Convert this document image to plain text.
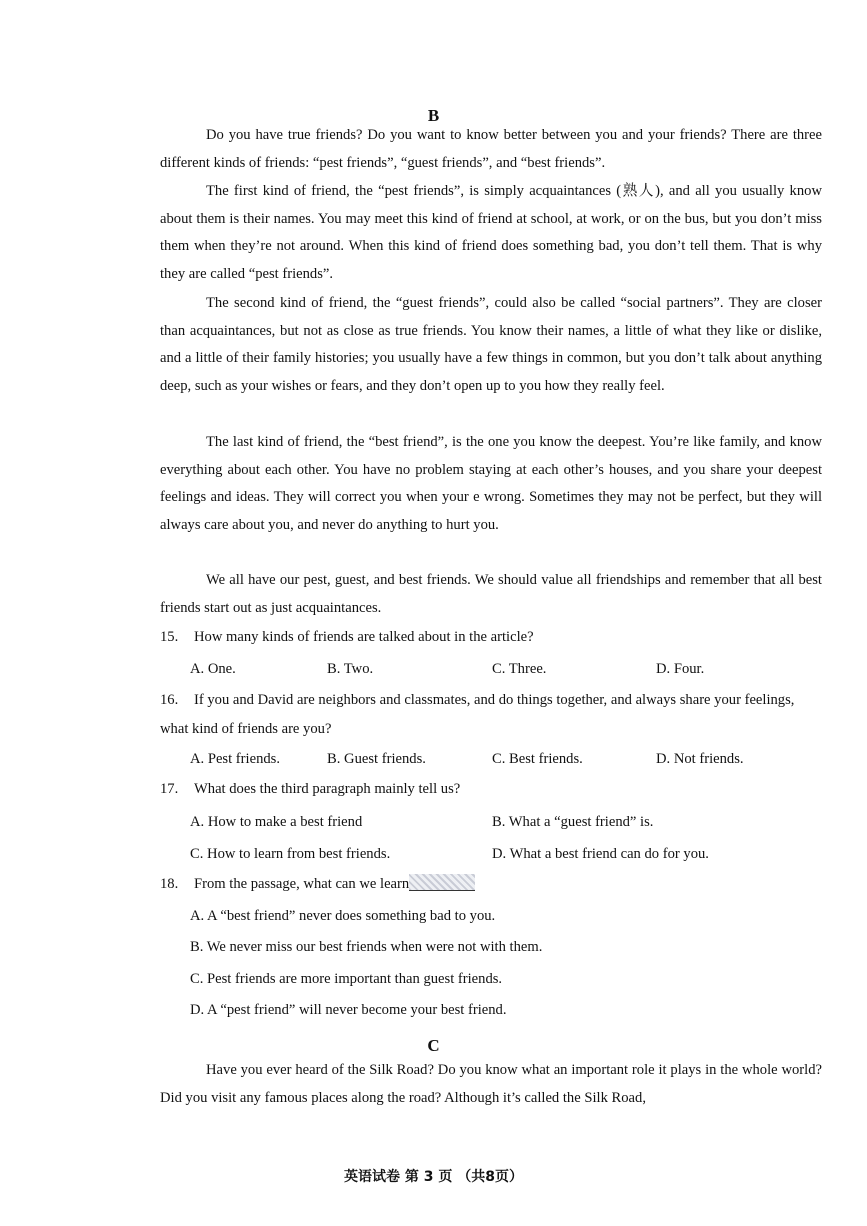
B

Do you have true friends? Do you want to know better between you and your friends? There are three different kinds of friends: “pest friends”, “guest friends”, and “best friends”.

The first kind of friend, the “pest friends”, is simply acquaintances (熟人), and all you usually know about them is their names. You may meet this kind of friend at school, at work, or on the bus, but you don’t miss them when they’re not around. When this kind of friend does something bad, you don’t tell them. That is why they are called “pest friends”.

The second kind of friend, the “guest friends”, could also be called “social partners”. They are closer than acquaintances, but not as close as true friends. You know their names, a little of what they like or dislike, and a little of their family histories; you usually have a few things in common, but you don’t talk about anything deep, such as your wishes or fears, and they don’t open up to you how they really feel.

The last kind of friend, the “best friend”, is the one you know the deepest. You’re like family, and know everything about each other. You have no problem staying at each other’s houses, and you share your deepest feelings and ideas. They will correct you when your e wrong. Sometimes they may not be perfect, but they will always care about you, and never do anything to hurt you.

We all have our pest, guest, and best friends. We should value all friendships and remember that all best friends start out as just acquaintances.

15. How many kinds of friends are talked about in the article?
A. One.	B. Two.	C. Three.	D. Four.
16. If you and David are neighbors and classmates, and do things together, and always share your feelings, what kind of friends are you?
A. Pest friends.	B. Guest friends.	C. Best friends.	D. Not friends.
17. What does the third paragraph mainly tell us?
A. How to make a best friend	B. What a “guest friend” is.
C. How to learn from best friends.	D. What a best friend can do for you.
18. From the passage, what can we learn
A. A “best friend” never does something bad to you.
B. We never miss our best friends when were not with them.
C. Pest friends are more important than guest friends.
D. A “pest friend” will never become your best friend.
C

Have you ever heard of the Silk Road? Do you know what an important role it plays in the whole world? Did you visit any famous places along the road? Although it’s called the Silk Road,

英语试卷 第 3 页 （共8页）
